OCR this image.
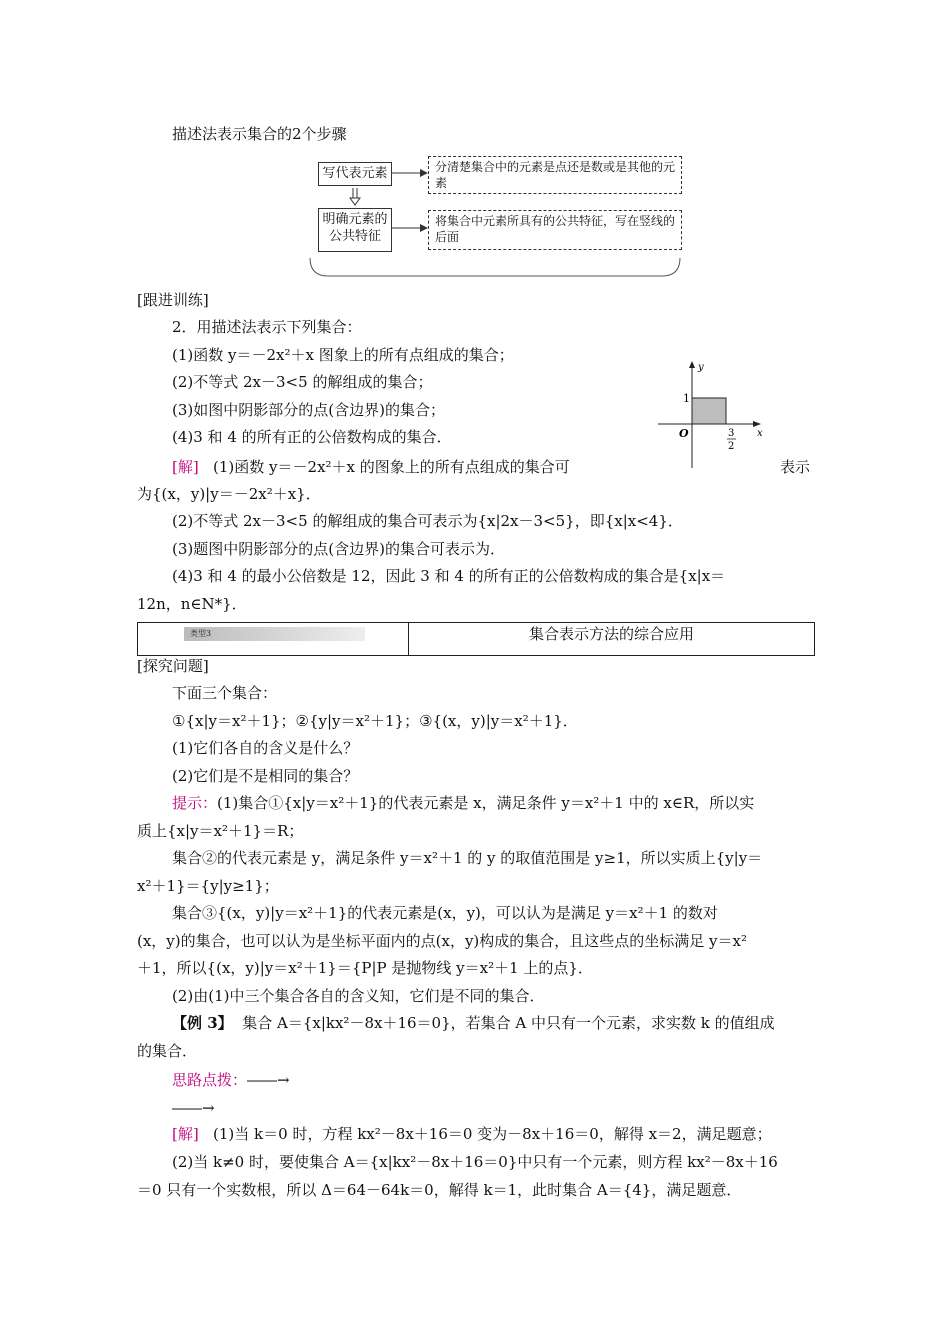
描述法表示集合的2个步骤
写代表元素	分清楚集合中的元素是点还是数或是其他的元素
明确元素的公共特征
将集合中元素所具有的公共特征，写在竖线的后面
[跟进训练]
2．用描述法表示下列集合：
(1)函数 y＝－2x²＋x 图象上的所有点组成的集合；
(2)不等式 2x－3<5 的解组成的集合；
(3)如图中阴影部分的点(含边界)的集合；
(4)3 和 4 的所有正的公倍数构成的集合．
y
x
O
1
3
2
[解] (1)函数 y＝－2x²＋x 的图象上的所有点组成的集合可	表示
为{(x，y)|y＝－2x²＋x}．
(2)不等式 2x－3<5 的解组成的集合可表示为{x|2x－3<5}，即{x|x<4}．
(3)题图中阴影部分的点(含边界)的集合可表示为．
(4)3 和 4 的最小公倍数是 12，因此 3 和 4 的所有正的公倍数构成的集合是{x|x＝
12n，n∈N*}．
类型3	集合表示方法的综合应用
[探究问题]
下面三个集合：
①{x|y＝x²＋1}；②{y|y＝x²＋1}；③{(x，y)|y＝x²＋1}．
(1)它们各自的含义是什么？
(2)它们是不是相同的集合？
提示：(1)集合①{x|y＝x²＋1}的代表元素是 x，满足条件 y＝x²＋1 中的 x∈R，所以实
质上{x|y＝x²＋1}＝R；
集合②的代表元素是 y，满足条件 y＝x²＋1 的 y 的取值范围是 y≥1，所以实质上{y|y＝
x²＋1}＝{y|y≥1}；
集合③{(x，y)|y＝x²＋1}的代表元素是(x，y)，可以认为是满足 y＝x²＋1 的数对
(x，y)的集合，也可以认为是坐标平面内的点(x，y)构成的集合，且这些点的坐标满足 y＝x²
＋1，所以{(x，y)|y＝x²＋1}＝{P|P 是抛物线 y＝x²＋1 上的点}．
(2)由(1)中三个集合各自的含义知，它们是不同的集合．
【例 3】 集合 A＝{x|kx²－8x＋16＝0}，若集合 A 中只有一个元素，求实数 k 的值组成
的集合．
思路点拨：――→
――→
[解] (1)当 k＝0 时，方程 kx²－8x＋16＝0 变为－8x＋16＝0，解得 x＝2，满足题意；
(2)当 k≠0 时，要使集合 A＝{x|kx²－8x＋16＝0}中只有一个元素，则方程 kx²－8x＋16
＝0 只有一个实数根，所以 Δ＝64－64k＝0，解得 k＝1，此时集合 A＝{4}，满足题意．
